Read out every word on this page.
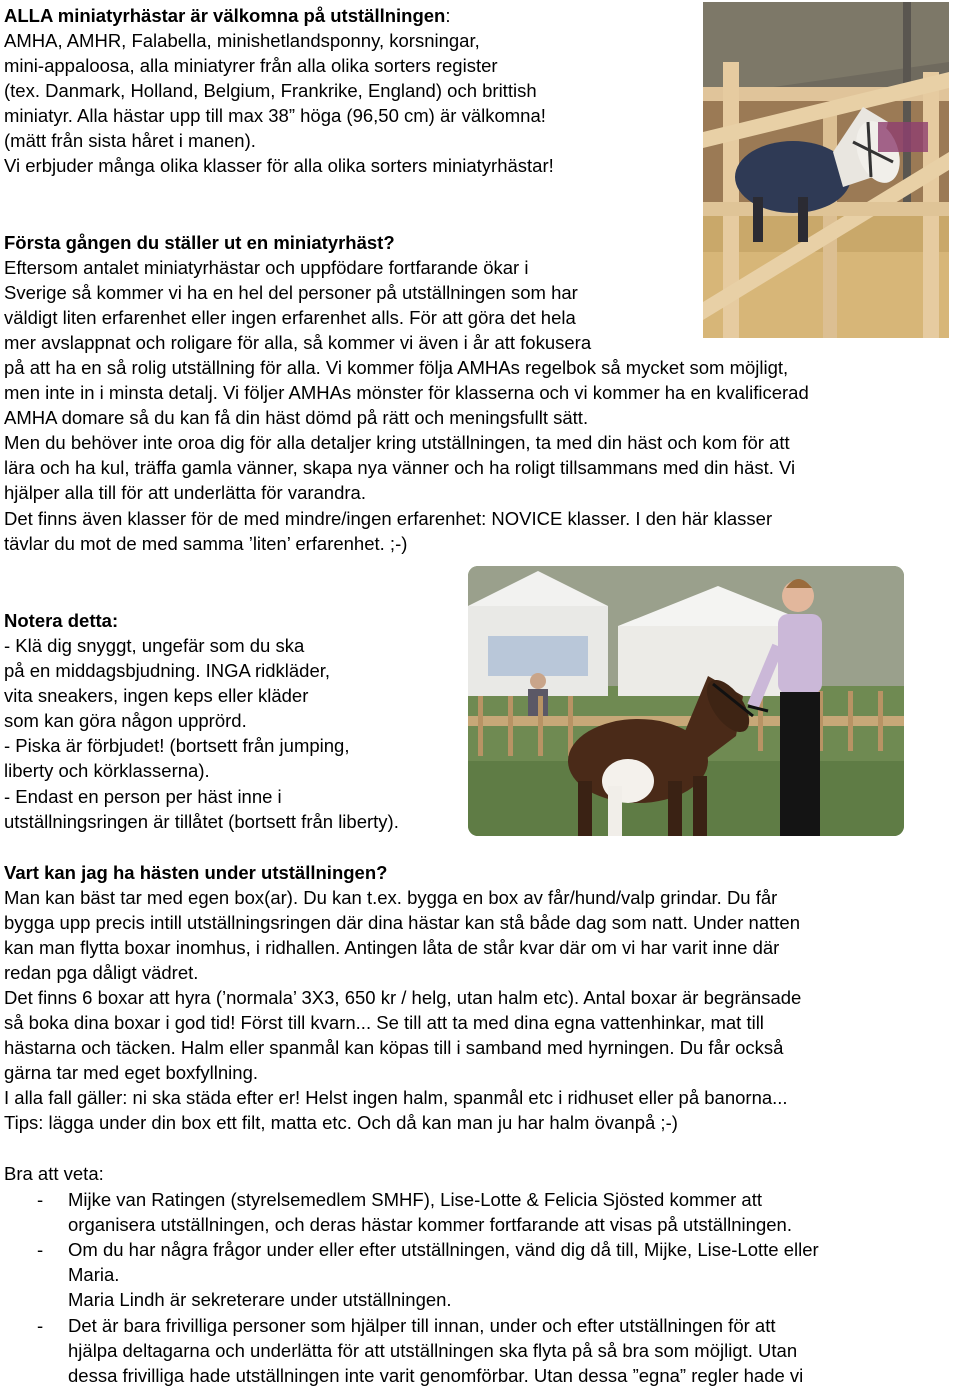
ALLA miniatyrhästar är välkomna på utställningen:
AMHA, AMHR, Falabella, minishetlandsponny, korsningar,
mini-appaloosa, alla miniatyrer från alla olika sorters register
(tex. Danmark, Holland, Belgium, Frankrike, England) och brittish
miniatyr. Alla hästar upp till max 38” höga (96,50 cm) är välkomna!
(mätt från sista håret i manen).
Vi erbjuder många olika klasser för alla olika sorters miniatyrhästar!
Första gången du ställer ut en miniatyrhäst?
Eftersom antalet miniatyrhästar och uppfödare fortfarande ökar i
Sverige så kommer vi ha en hel del personer på utställningen som har
väldigt liten erfarenhet eller ingen erfarenhet alls. För att göra det hela
mer avslappnat och roligare för alla, så kommer vi även i år att fokusera
på att ha en så rolig utställning för alla. Vi kommer följa AMHAs regelbok så mycket som möjligt,
men inte in i minsta detalj. Vi följer AMHAs mönster för klasserna och vi kommer ha en kvalificerad
AMHA domare så du kan få din häst dömd på rätt och meningsfullt sätt.
Men du behöver inte oroa dig för alla detaljer kring utställningen, ta med din häst och kom för att
lära och ha kul, träffa gamla vänner, skapa nya vänner och ha roligt tillsammans med din häst. Vi
hjälper alla till för att underlätta för varandra.
Det finns även klasser för de med mindre/ingen erfarenhet: NOVICE klasser. I den här klasser
tävlar du mot de med samma ’liten’ erfarenhet. ;-)
Notera detta:
- Klä dig snyggt, ungefär som du ska
på en middagsbjudning. INGA ridkläder,
vita sneakers, ingen keps eller kläder
som kan göra någon upprörd.
- Piska är förbjudet! (bortsett från jumping,
liberty och körklasserna).
- Endast en person per häst inne i
utställningsringen är tillåtet (bortsett från liberty).
Vart kan jag ha hästen under utställningen?
Man kan bäst tar med egen box(ar). Du kan t.ex. bygga en box av får/hund/valp grindar. Du får
bygga upp precis intill utställningsringen där dina hästar kan stå både dag som natt. Under natten
kan man flytta boxar inomhus, i ridhallen. Antingen låta de står kvar där om vi har varit inne där
redan pga dåligt vädret.
Det finns 6 boxar att hyra (’normala’ 3X3, 650 kr / helg, utan halm etc). Antal boxar är begränsade
så boka dina boxar i god tid! Först till kvarn... Se till att ta med dina egna vattenhinkar, mat till
hästarna och täcken. Halm eller spanmål kan köpas till i samband med hyrningen. Du får också
gärna tar med eget boxfyllning.
I alla fall gäller: ni ska städa efter er! Helst ingen halm, spanmål etc i ridhuset eller på banorna...
Tips: lägga under din box ett filt, matta etc. Och då kan man ju har halm övanpå ;-)
Bra att veta:
- Mijke van Ratingen (styrelsemedlem SMHF), Lise-Lotte & Felicia Sjösted kommer att
organisera utställningen, och deras hästar kommer fortfarande att visas på utställningen.
- Om du har några frågor under eller efter utställningen, vänd dig då till, Mijke, Lise-Lotte eller
Maria.
Maria Lindh är sekreterare under utställningen.
- Det är bara frivilliga personer som hjälper till innan, under och efter utställningen för att
hjälpa deltagarna och underlätta för att utställningen ska flyta på så bra som möjligt. Utan
dessa frivilliga hade utställningen inte varit genomförbar. Utan dessa ”egna” regler hade vi
